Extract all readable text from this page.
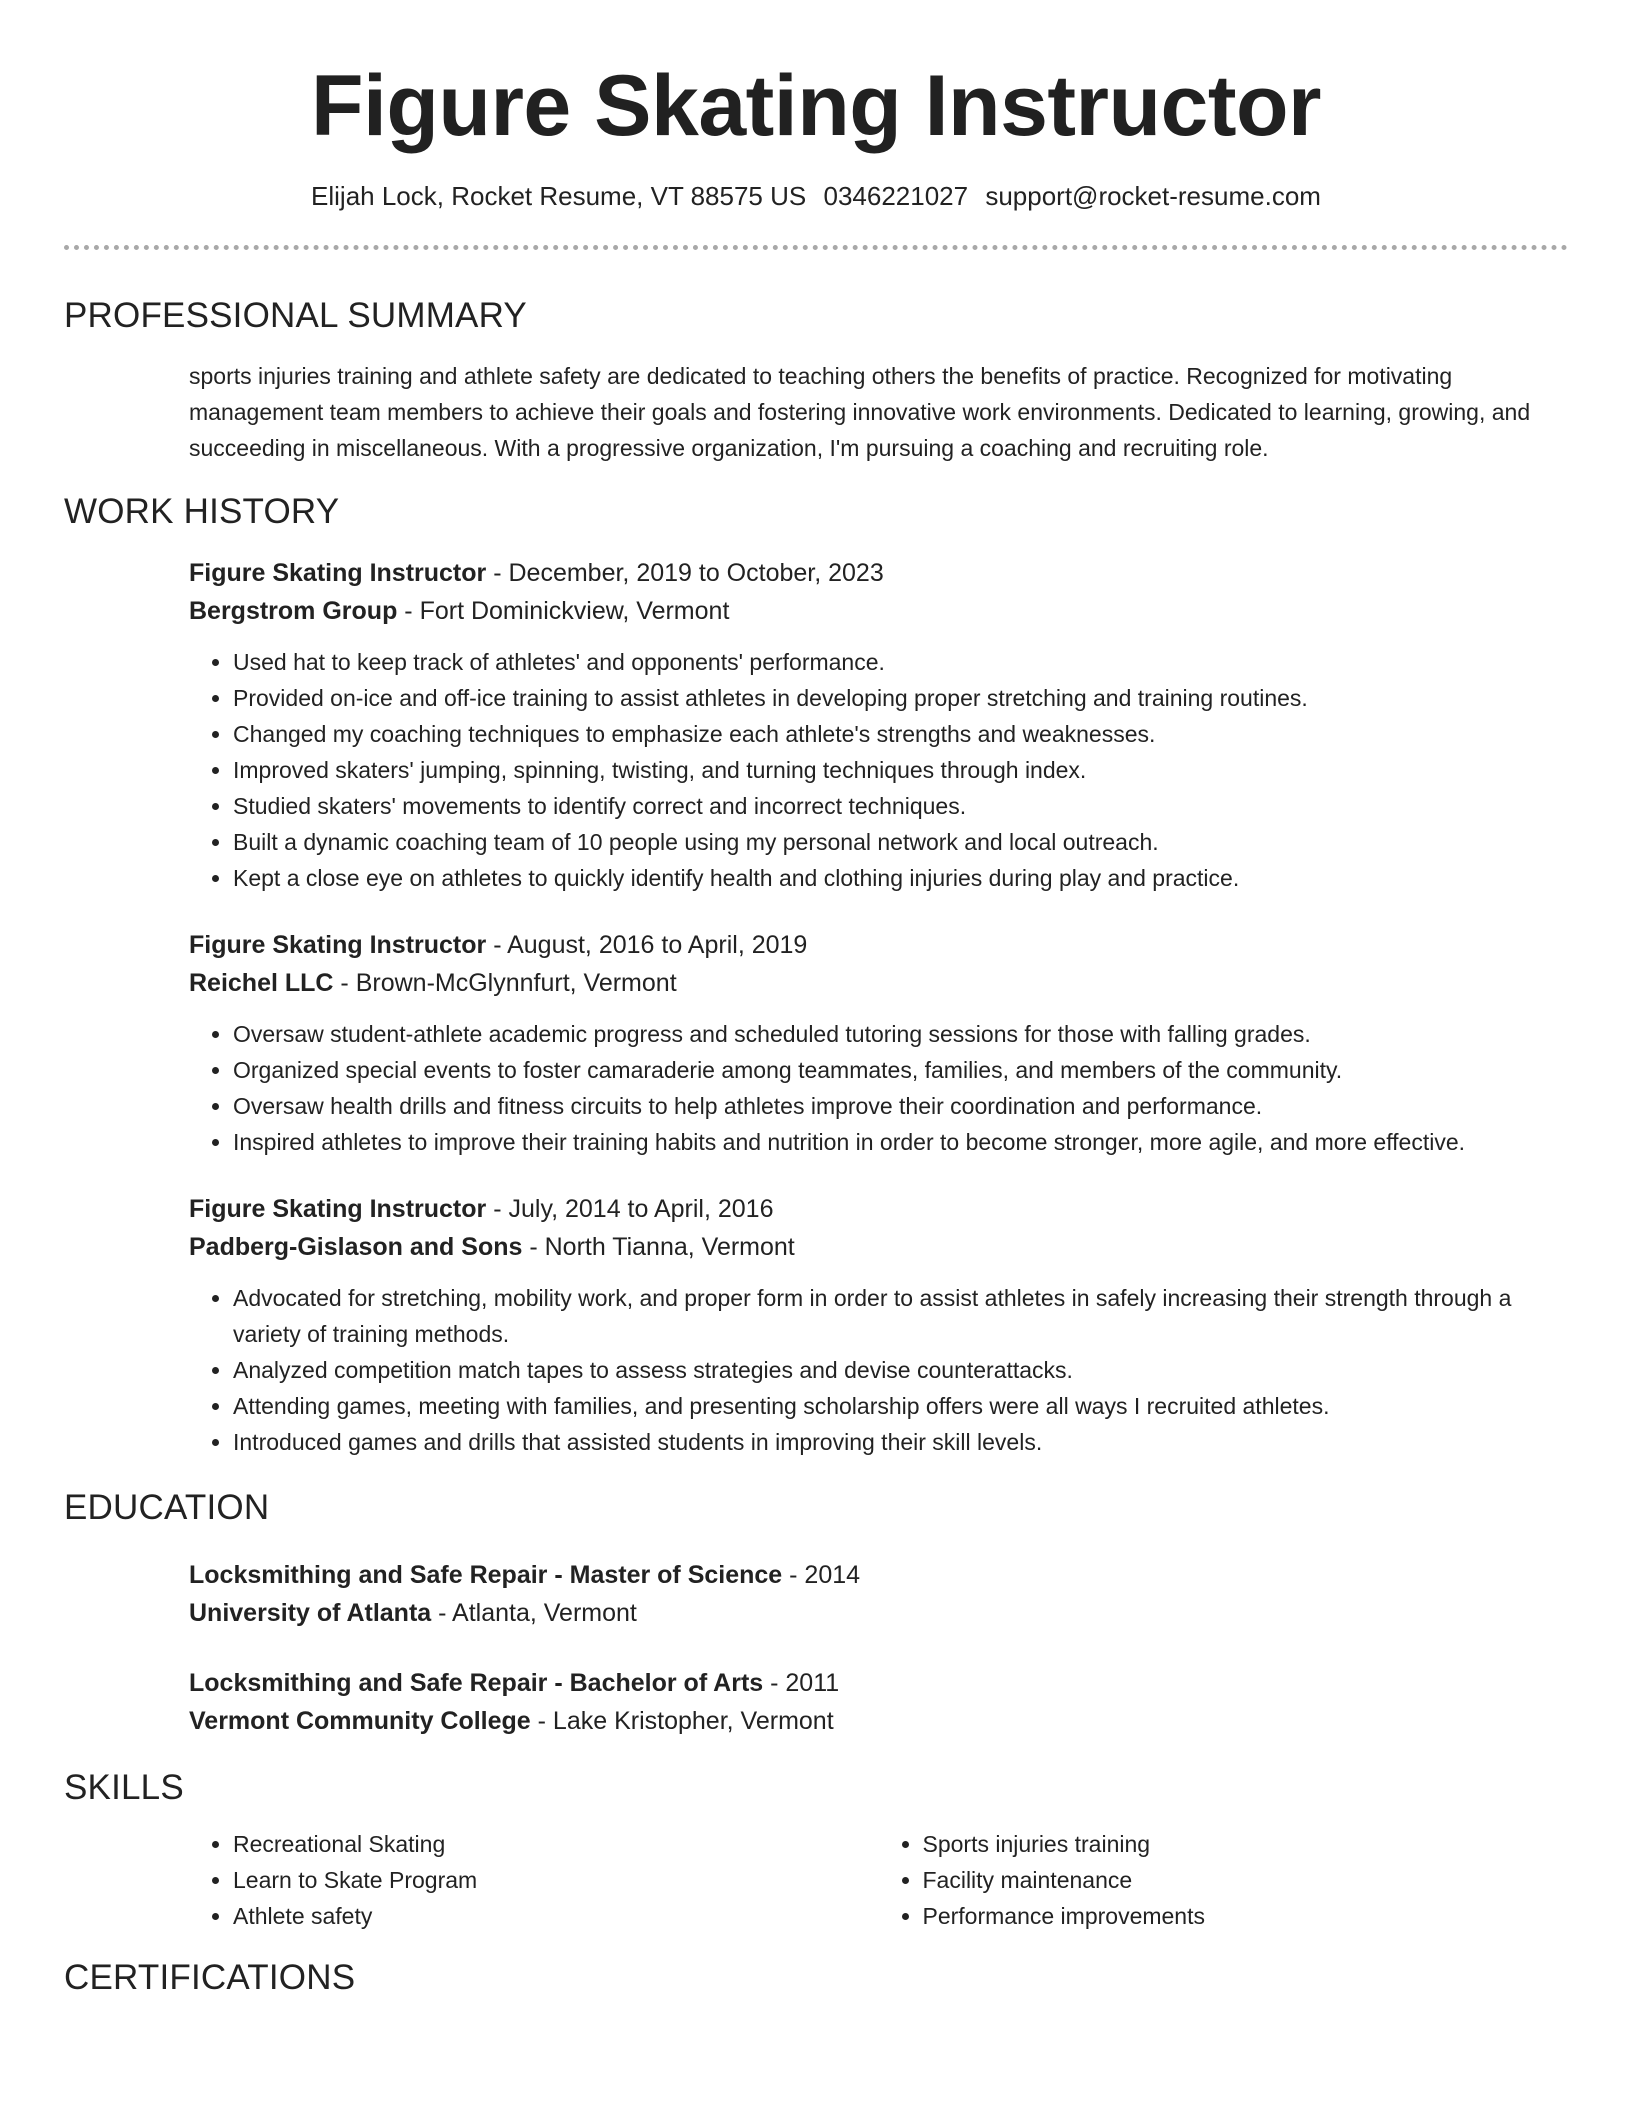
Figure Skating Instructor
Elijah Lock, Rocket Resume, VT 88575 US 0346221027 support@rocket-resume.com
PROFESSIONAL SUMMARY
sports injuries training and athlete safety are dedicated to teaching others the benefits of practice. Recognized for motivating management team members to achieve their goals and fostering innovative work environments. Dedicated to learning, growing, and succeeding in miscellaneous. With a progressive organization, I'm pursuing a coaching and recruiting role.
WORK HISTORY
Figure Skating Instructor - December, 2019 to October, 2023
Bergstrom Group - Fort Dominickview, Vermont
• Used hat to keep track of athletes' and opponents' performance.
• Provided on-ice and off-ice training to assist athletes in developing proper stretching and training routines.
• Changed my coaching techniques to emphasize each athlete's strengths and weaknesses.
• Improved skaters' jumping, spinning, twisting, and turning techniques through index.
• Studied skaters' movements to identify correct and incorrect techniques.
• Built a dynamic coaching team of 10 people using my personal network and local outreach.
• Kept a close eye on athletes to quickly identify health and clothing injuries during play and practice.
Figure Skating Instructor - August, 2016 to April, 2019
Reichel LLC - Brown-McGlynnfurt, Vermont
• Oversaw student-athlete academic progress and scheduled tutoring sessions for those with falling grades.
• Organized special events to foster camaraderie among teammates, families, and members of the community.
• Oversaw health drills and fitness circuits to help athletes improve their coordination and performance.
• Inspired athletes to improve their training habits and nutrition in order to become stronger, more agile, and more effective.
Figure Skating Instructor - July, 2014 to April, 2016
Padberg-Gislason and Sons - North Tianna, Vermont
• Advocated for stretching, mobility work, and proper form in order to assist athletes in safely increasing their strength through a variety of training methods.
• Analyzed competition match tapes to assess strategies and devise counterattacks.
• Attending games, meeting with families, and presenting scholarship offers were all ways I recruited athletes.
• Introduced games and drills that assisted students in improving their skill levels.
EDUCATION
Locksmithing and Safe Repair - Master of Science - 2014
University of Atlanta - Atlanta, Vermont
Locksmithing and Safe Repair - Bachelor of Arts - 2011
Vermont Community College - Lake Kristopher, Vermont
SKILLS
• Recreational Skating
• Learn to Skate Program
• Athlete safety
• Sports injuries training
• Facility maintenance
• Performance improvements
CERTIFICATIONS
